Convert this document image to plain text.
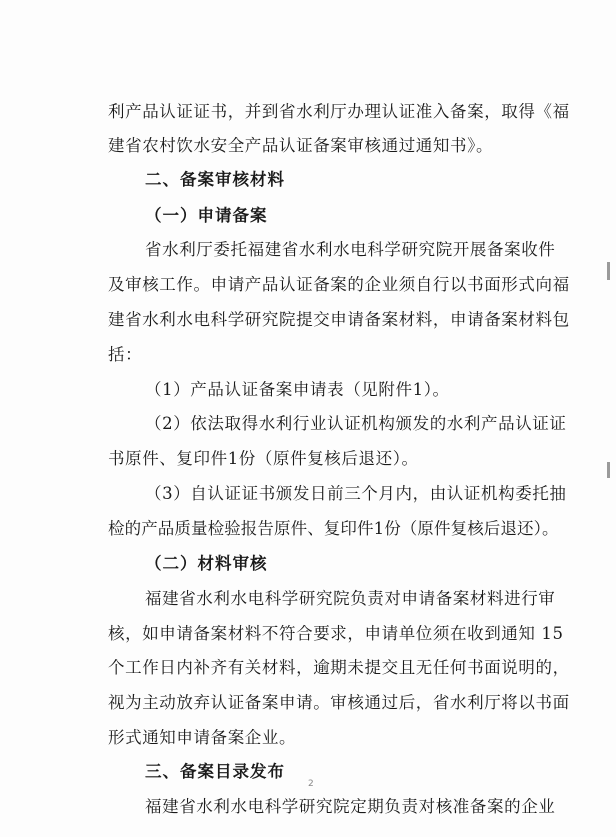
利产品认证证书，并到省水利厅办理认证准入备案，取得《福
建省农村饮水安全产品认证备案审核通过通知书》。
二、备案审核材料
（一）申请备案
省水利厅委托福建省水利水电科学研究院开展备案收件
及审核工作。申请产品认证备案的企业须自行以书面形式向福
建省水利水电科学研究院提交申请备案材料，申请备案材料包
括：
（1）产品认证备案申请表（见附件1）。
（2）依法取得水利行业认证机构颁发的水利产品认证证
书原件、复印件1份（原件复核后退还）。
（3）自认证证书颁发日前三个月内，由认证机构委托抽
检的产品质量检验报告原件、复印件1份（原件复核后退还）。
（二）材料审核
福建省水利水电科学研究院负责对申请备案材料进行审
核，如申请备案材料不符合要求，申请单位须在收到通知 15
个工作日内补齐有关材料，逾期未提交且无任何书面说明的，
视为主动放弃认证备案申请。审核通过后，省水利厅将以书面
形式通知申请备案企业。
三、备案目录发布
福建省水利水电科学研究院定期负责对核准备案的企业
2
